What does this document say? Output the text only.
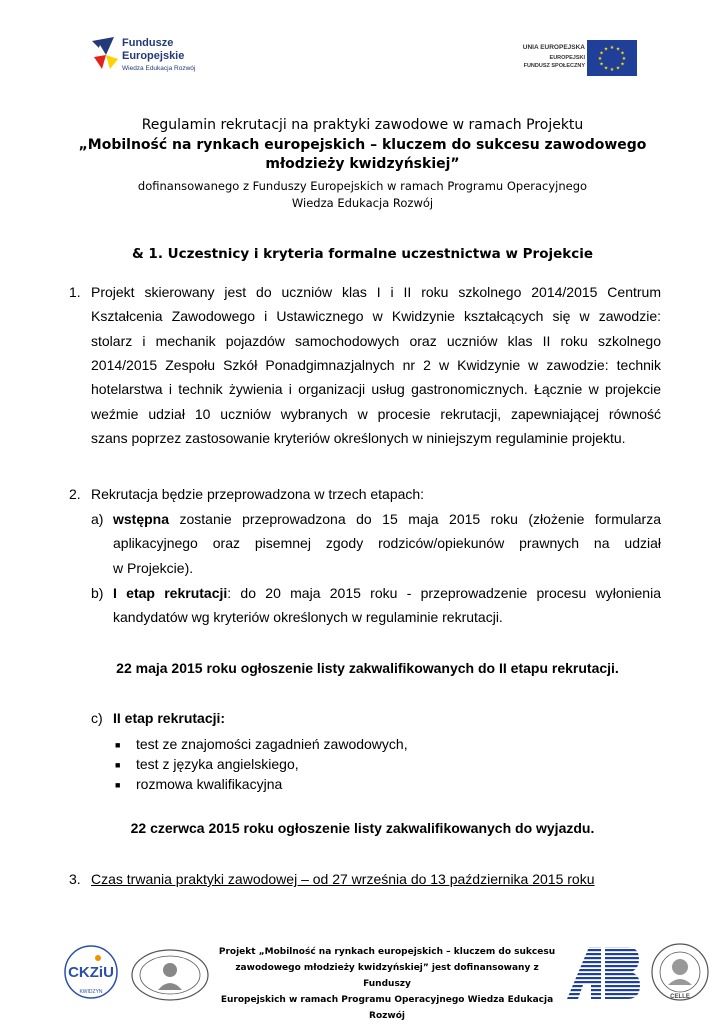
Fundusze
Europejskie
Wiedza Edukacja Rozwój
UNIA EUROPEJSKA
EUROPEJSKI
FUNDUSZ SPOŁECZNY
★ ★
★
★
★
★
★
★
★
★
★
★
Regulamin rekrutacji na praktyki zawodowe w ramach Projektu
„Mobilność na rynkach europejskich – kluczem do sukcesu zawodowego
młodzieży kwidzyńskiej”
dofinansowanego z Funduszy Europejskich w ramach Programu Operacyjnego
Wiedza Edukacja Rozwój
& 1. Uczestnicy i kryteria formalne uczestnictwa w Projekcie
1. Projekt skierowany jest do uczniów klas I i II roku szkolnego 2014/2015 Centrum
Kształcenia Zawodowego i Ustawicznego w Kwidzynie kształcących się w zawodzie:
stolarz i mechanik pojazdów samochodowych oraz uczniów klas II roku szkolnego
2014/2015 Zespołu Szkół Ponadgimnazjalnych nr 2 w Kwidzynie w zawodzie: technik
hotelarstwa i technik żywienia i organizacji usług gastronomicznych. Łącznie w projekcie
weźmie udział 10 uczniów wybranych w procesie rekrutacji, zapewniającej równość
szans poprzez zastosowanie kryteriów określonych w niniejszym regulaminie projektu.
2. Rekrutacja będzie przeprowadzona w trzech etapach:
a) wstępna zostanie przeprowadzona do 15 maja 2015 roku (złożenie formularza
aplikacyjnego oraz pisemnej zgody rodziców/opiekunów prawnych na udział
w Projekcie).
b) I etap rekrutacji: do 20 maja 2015 roku - przeprowadzenie procesu wyłonienia
kandydatów wg kryteriów określonych w regulaminie rekrutacji.
22 maja 2015 roku ogłoszenie listy zakwalifikowanych do II etapu rekrutacji.
c) II etap rekrutacji:
■ test ze znajomości zagadnień zawodowych,
■ test z języka angielskiego,
■ rozmowa kwalifikacyjna
22 czerwca 2015 roku ogłoszenie listy zakwalifikowanych do wyjazdu.
3. Czas trwania praktyki zawodowej – od 27 września do 13 października 2015 roku
CKZiU
KWIDZYN
Projekt „Mobilność na rynkach europejskich – kluczem do sukcesu
zawodowego młodzieży kwidzyńskiej” jest dofinansowany z Funduszy
Europejskich w ramach Programu Operacyjnego Wiedza Edukacja Rozwój
AB
CELLE
